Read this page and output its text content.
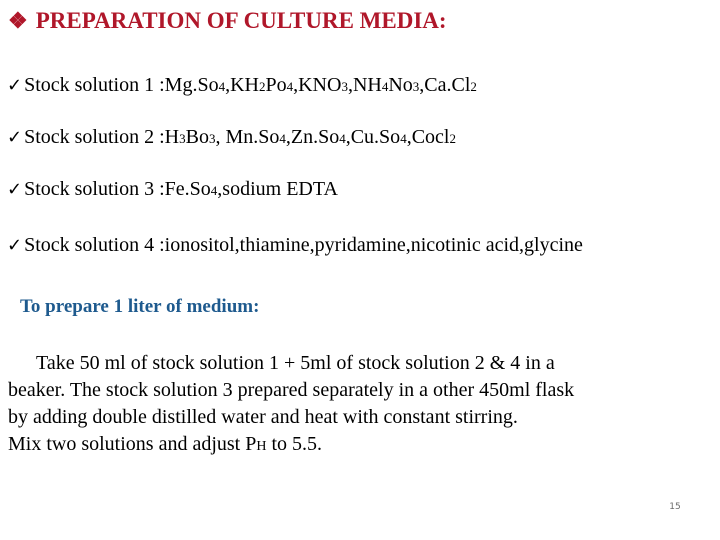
❖ PREPARATION OF CULTURE MEDIA:
✓ Stock solution 1 : Mg.So 4 ,KH 2 Po 4 ,KNO 3 ,NH 4 No 3 ,Ca.Cl 2
✓ Stock solution 2 : H 3 Bo 3 , Mn.So 4 ,Zn.So 4 ,Cu.So 4 ,Cocl 2
✓ Stock solution 3 : Fe.So 4 ,sodium EDTA
✓ Stock solution 4 : ionositol,thiamine,pyridamine,nicotinic acid,glycine
To prepare 1 liter of medium:

Take 50 ml of stock solution 1 + 5ml of stock solution 2 & 4 in a
beaker. The stock solution 3 prepared separately in a other 450ml flask
by adding double distilled water and heat with constant stirring.
Mix two solutions and adjust PH to 5.5.

15
